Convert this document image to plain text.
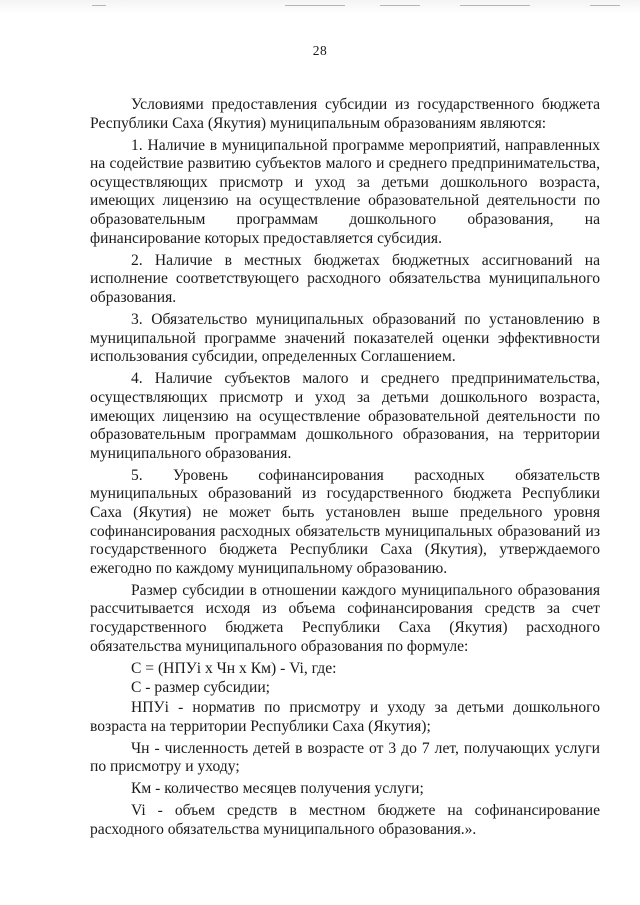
28

Условиями предоставления субсидии из государственного бюджета Республики Саха (Якутия) муниципальным образованиям являются:

1. Наличие в муниципальной программе мероприятий, направленных на содействие развитию субъектов малого и среднего предпринимательства, осуществляющих присмотр и уход за детьми дошкольного возраста, имеющих лицензию на осуществление образовательной деятельности по образовательным программам дошкольного образования, на финансирование которых предоставляется субсидия.

2. Наличие в местных бюджетах бюджетных ассигнований на исполнение соответствующего расходного обязательства муниципального образования.

3. Обязательство муниципальных образований по установлению в муниципальной программе значений показателей оценки эффективности использования субсидии, определенных Соглашением.

4. Наличие субъектов малого и среднего предпринимательства, осуществляющих присмотр и уход за детьми дошкольного возраста, имеющих лицензию на осуществление образовательной деятельности по образовательным программам дошкольного образования, на территории муниципального образования.

5. Уровень софинансирования расходных обязательств муниципальных образований из государственного бюджета Республики Саха (Якутия) не может быть установлен выше предельного уровня софинансирования расходных обязательств муниципальных образований из государственного бюджета Республики Саха (Якутия), утверждаемого ежегодно по каждому муниципальному образованию.

Размер субсидии в отношении каждого муниципального образования рассчитывается исходя из объема софинансирования средств за счет государственного бюджета Республики Саха (Якутия) расходного обязательства муниципального образования по формуле:

С = (НПУi х Чн х Км) - Vi, где:

С - размер субсидии;

НПУi - норматив по присмотру и уходу за детьми дошкольного возраста на территории Республики Саха (Якутия);

Чн - численность детей в возрасте от 3 до 7 лет, получающих услуги по присмотру и уходу;

Км - количество месяцев получения услуги;

Vi - объем средств в местном бюджете на софинансирование расходного обязательства муниципального образования.».
